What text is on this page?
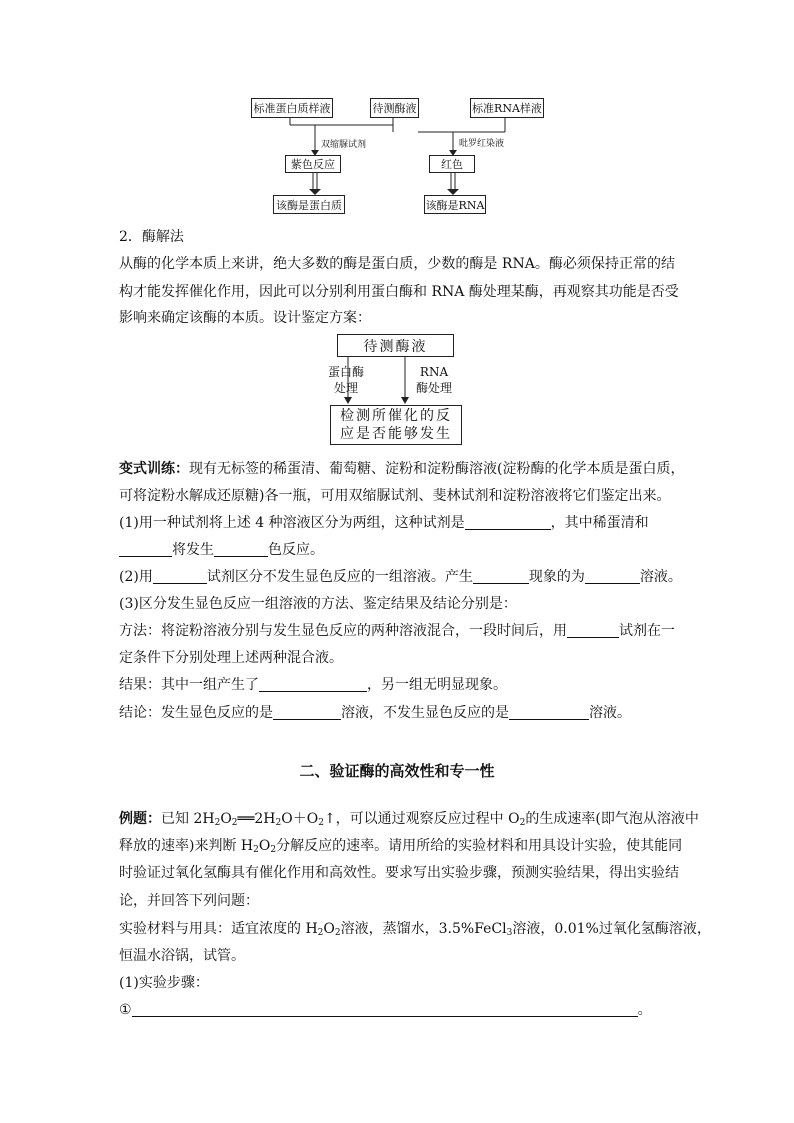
标准蛋白质样液	待测酶液	标准RNA样液
双缩脲试剂	吡罗红染液
紫色反应	红色
该酶是蛋白质	该酶是RNA
2．酶解法
从酶的化学本质上来讲，绝大多数的酶是蛋白质，少数的酶是 RNA。酶必须保持正常的结
构才能发挥催化作用，因此可以分别利用蛋白酶和 RNA 酶处理某酶，再观察其功能是否受
影响来确定该酶的本质。设计鉴定方案：
待测酶液
蛋白酶
处理
RNA
酶处理
检测所催化的反
应是否能够发生
变式训练：现有无标签的稀蛋清、葡萄糖、淀粉和淀粉酶溶液(淀粉酶的化学本质是蛋白质，
可将淀粉水解成还原糖)各一瓶，可用双缩脲试剂、斐林试剂和淀粉溶液将它们鉴定出来。
(1)用一种试剂将上述 4 种溶液区分为两组，这种试剂是	，其中稀蛋清和
将发生	色反应。
(2)用	试剂区分不发生显色反应的一组溶液。产生	现象的为	溶液。
(3)区分发生显色反应一组溶液的方法、鉴定结果及结论分别是：
方法：将淀粉溶液分别与发生显色反应的两种溶液混合，一段时间后，用	试剂在一
定条件下分别处理上述两种混合液。
结果：其中一组产生了	，另一组无明显现象。
结论：发生显色反应的是	溶液，不发生显色反应的是	溶液。
二、验证酶的高效性和专一性
例题：已知 $2H_2O_2══2H_2O+O_2↑$，可以通过观察反应过程中 $O_2$的生成速率(即气泡从溶液中
释放的速率)来判断 $H_2O_2$分解反应的速率。请用所给的实验材料和用具设计实验，使其能同
时验证过氧化氢酶具有催化作用和高效性。要求写出实验步骤，预测实验结果，得出实验结
论，并回答下列问题：
实验材料与用具：适宜浓度的 $H_2O_2$溶液，蒸馏水，3.5%FeCl$_3$溶液，0.01%过氧化氢酶溶液，
恒温水浴锅，试管。
(1)实验步骤：
①	。
